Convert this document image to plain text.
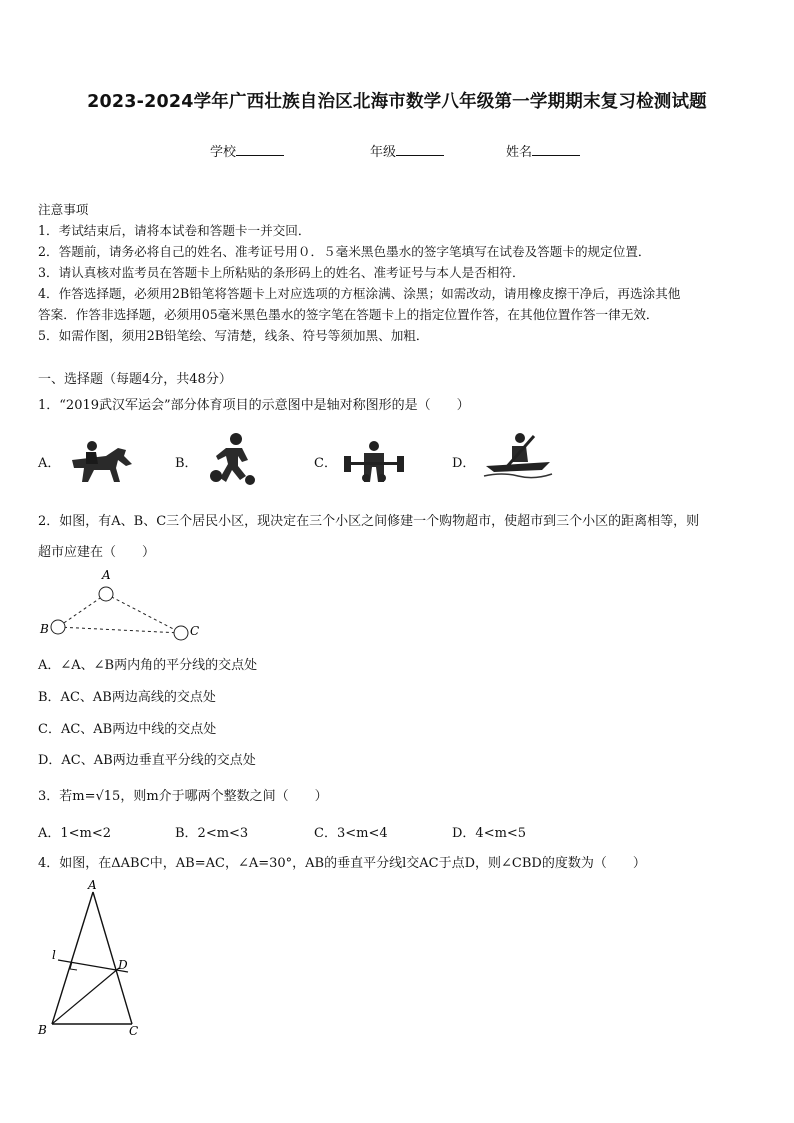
2023-2024学年广西壮族自治区北海市数学八年级第一学期期末复习检测试题
学校	年级	姓名
注意事项
1．考试结束后，请将本试卷和答题卡一并交回．
2．答题前，请务必将自己的姓名、准考证号用０．５毫米黑色墨水的签字笔填写在试卷及答题卡的规定位置．
3．请认真核对监考员在答题卡上所粘贴的条形码上的姓名、准考证号与本人是否相符．
4．作答选择题，必须用2B铅笔将答题卡上对应选项的方框涂满、涂黑；如需改动，请用橡皮擦干净后，再选涂其他
答案．作答非选择题，必须用05毫米黑色墨水的签字笔在答题卡上的指定位置作答，在其他位置作答一律无效．
5．如需作图，须用2B铅笔绘、写清楚，线条、符号等须加黑、加粗．
一、选择题（每题4分，共48分）
1．“2019武汉军运会”部分体育项目的示意图中是轴对称图形的是（　　）
A．	B．	C．	D．
2．如图，有A、B、C三个居民小区，现决定在三个小区之间修建一个购物超市，使超市到三个小区的距离相等，则
超市应建在（　　）
A
B	C
A．∠A、∠B两内角的平分线的交点处
B．AC、AB两边高线的交点处
C．AC、AB两边中线的交点处
D．AC、AB两边垂直平分线的交点处
3．若m=√15，则m介于哪两个整数之间（　　）
A．1<m<2	B．2<m<3	C．3<m<4	D．4<m<5
4．如图，在ΔABC中，AB=AC，∠A=30°，AB的垂直平分线l交AC于点D，则∠CBD的度数为（　　）
A
B	C
D
l
